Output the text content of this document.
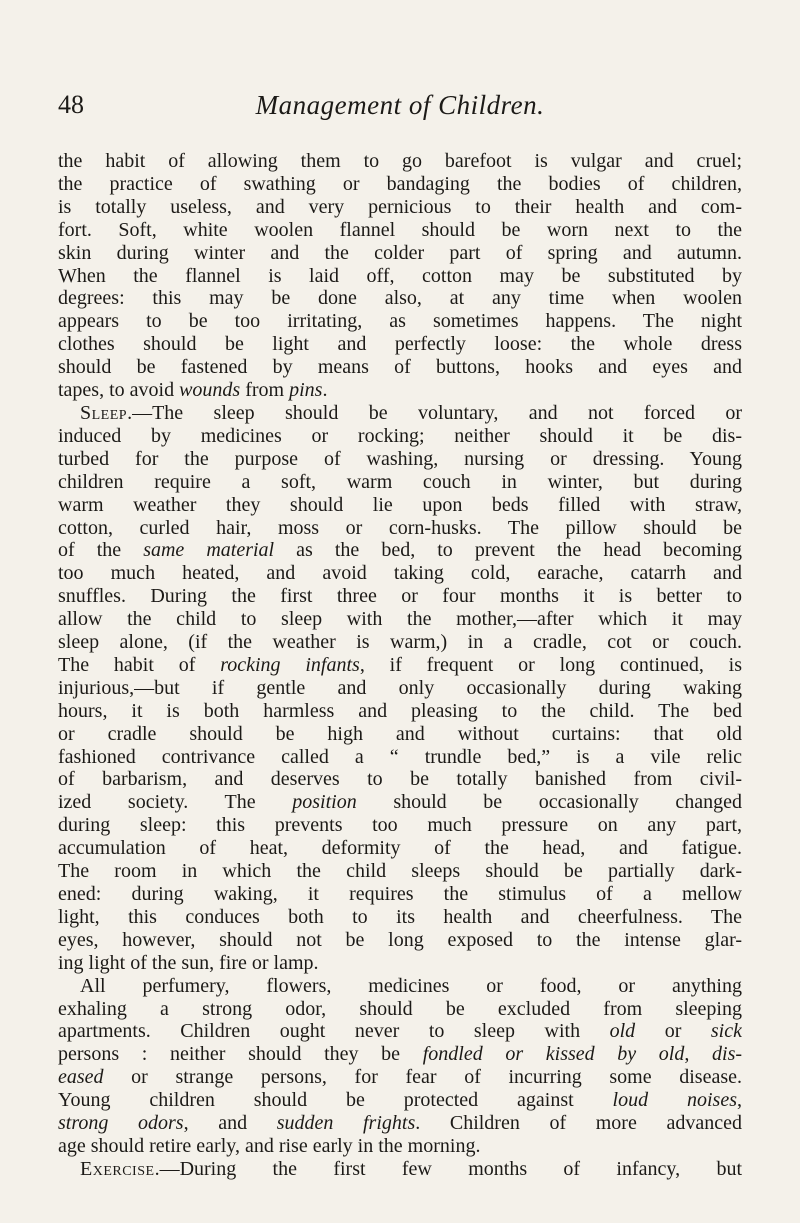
48	Management of Children.
the habit of allowing them to go barefoot is vulgar and cruel;
the practice of swathing or bandaging the bodies of children,
is totally useless, and very pernicious to their health and com-
fort. Soft, white woolen flannel should be worn next to the
skin during winter and the colder part of spring and autumn.
When the flannel is laid off, cotton may be substituted by
degrees: this may be done also, at any time when woolen
appears to be too irritating, as sometimes happens. The night
clothes should be light and perfectly loose: the whole dress
should be fastened by means of buttons, hooks and eyes and
tapes, to avoid wounds from pins.
Sleep.—The sleep should be voluntary, and not forced or
induced by medicines or rocking; neither should it be dis-
turbed for the purpose of washing, nursing or dressing. Young
children require a soft, warm couch in winter, but during
warm weather they should lie upon beds filled with straw,
cotton, curled hair, moss or corn-husks. The pillow should be
of the same material as the bed, to prevent the head becoming
too much heated, and avoid taking cold, earache, catarrh and
snuffles. During the first three or four months it is better to
allow the child to sleep with the mother,—after which it may
sleep alone, (if the weather is warm,) in a cradle, cot or couch.
The habit of rocking infants, if frequent or long continued, is
injurious,—but if gentle and only occasionally during waking
hours, it is both harmless and pleasing to the child. The bed
or cradle should be high and without curtains: that old
fashioned contrivance called a “ trundle bed,” is a vile relic
of barbarism, and deserves to be totally banished from civil-
ized society. The position should be occasionally changed
during sleep: this prevents too much pressure on any part,
accumulation of heat, deformity of the head, and fatigue.
The room in which the child sleeps should be partially dark-
ened: during waking, it requires the stimulus of a mellow
light, this conduces both to its health and cheerfulness. The
eyes, however, should not be long exposed to the intense glar-
ing light of the sun, fire or lamp.
All perfumery, flowers, medicines or food, or anything
exhaling a strong odor, should be excluded from sleeping
apartments. Children ought never to sleep with old or sick
persons : neither should they be fondled or kissed by old, dis-
eased or strange persons, for fear of incurring some disease.
Young children should be protected against loud noises,
strong odors, and sudden frights. Children of more advanced
age should retire early, and rise early in the morning.
Exercise.—During the first few months of infancy, but
